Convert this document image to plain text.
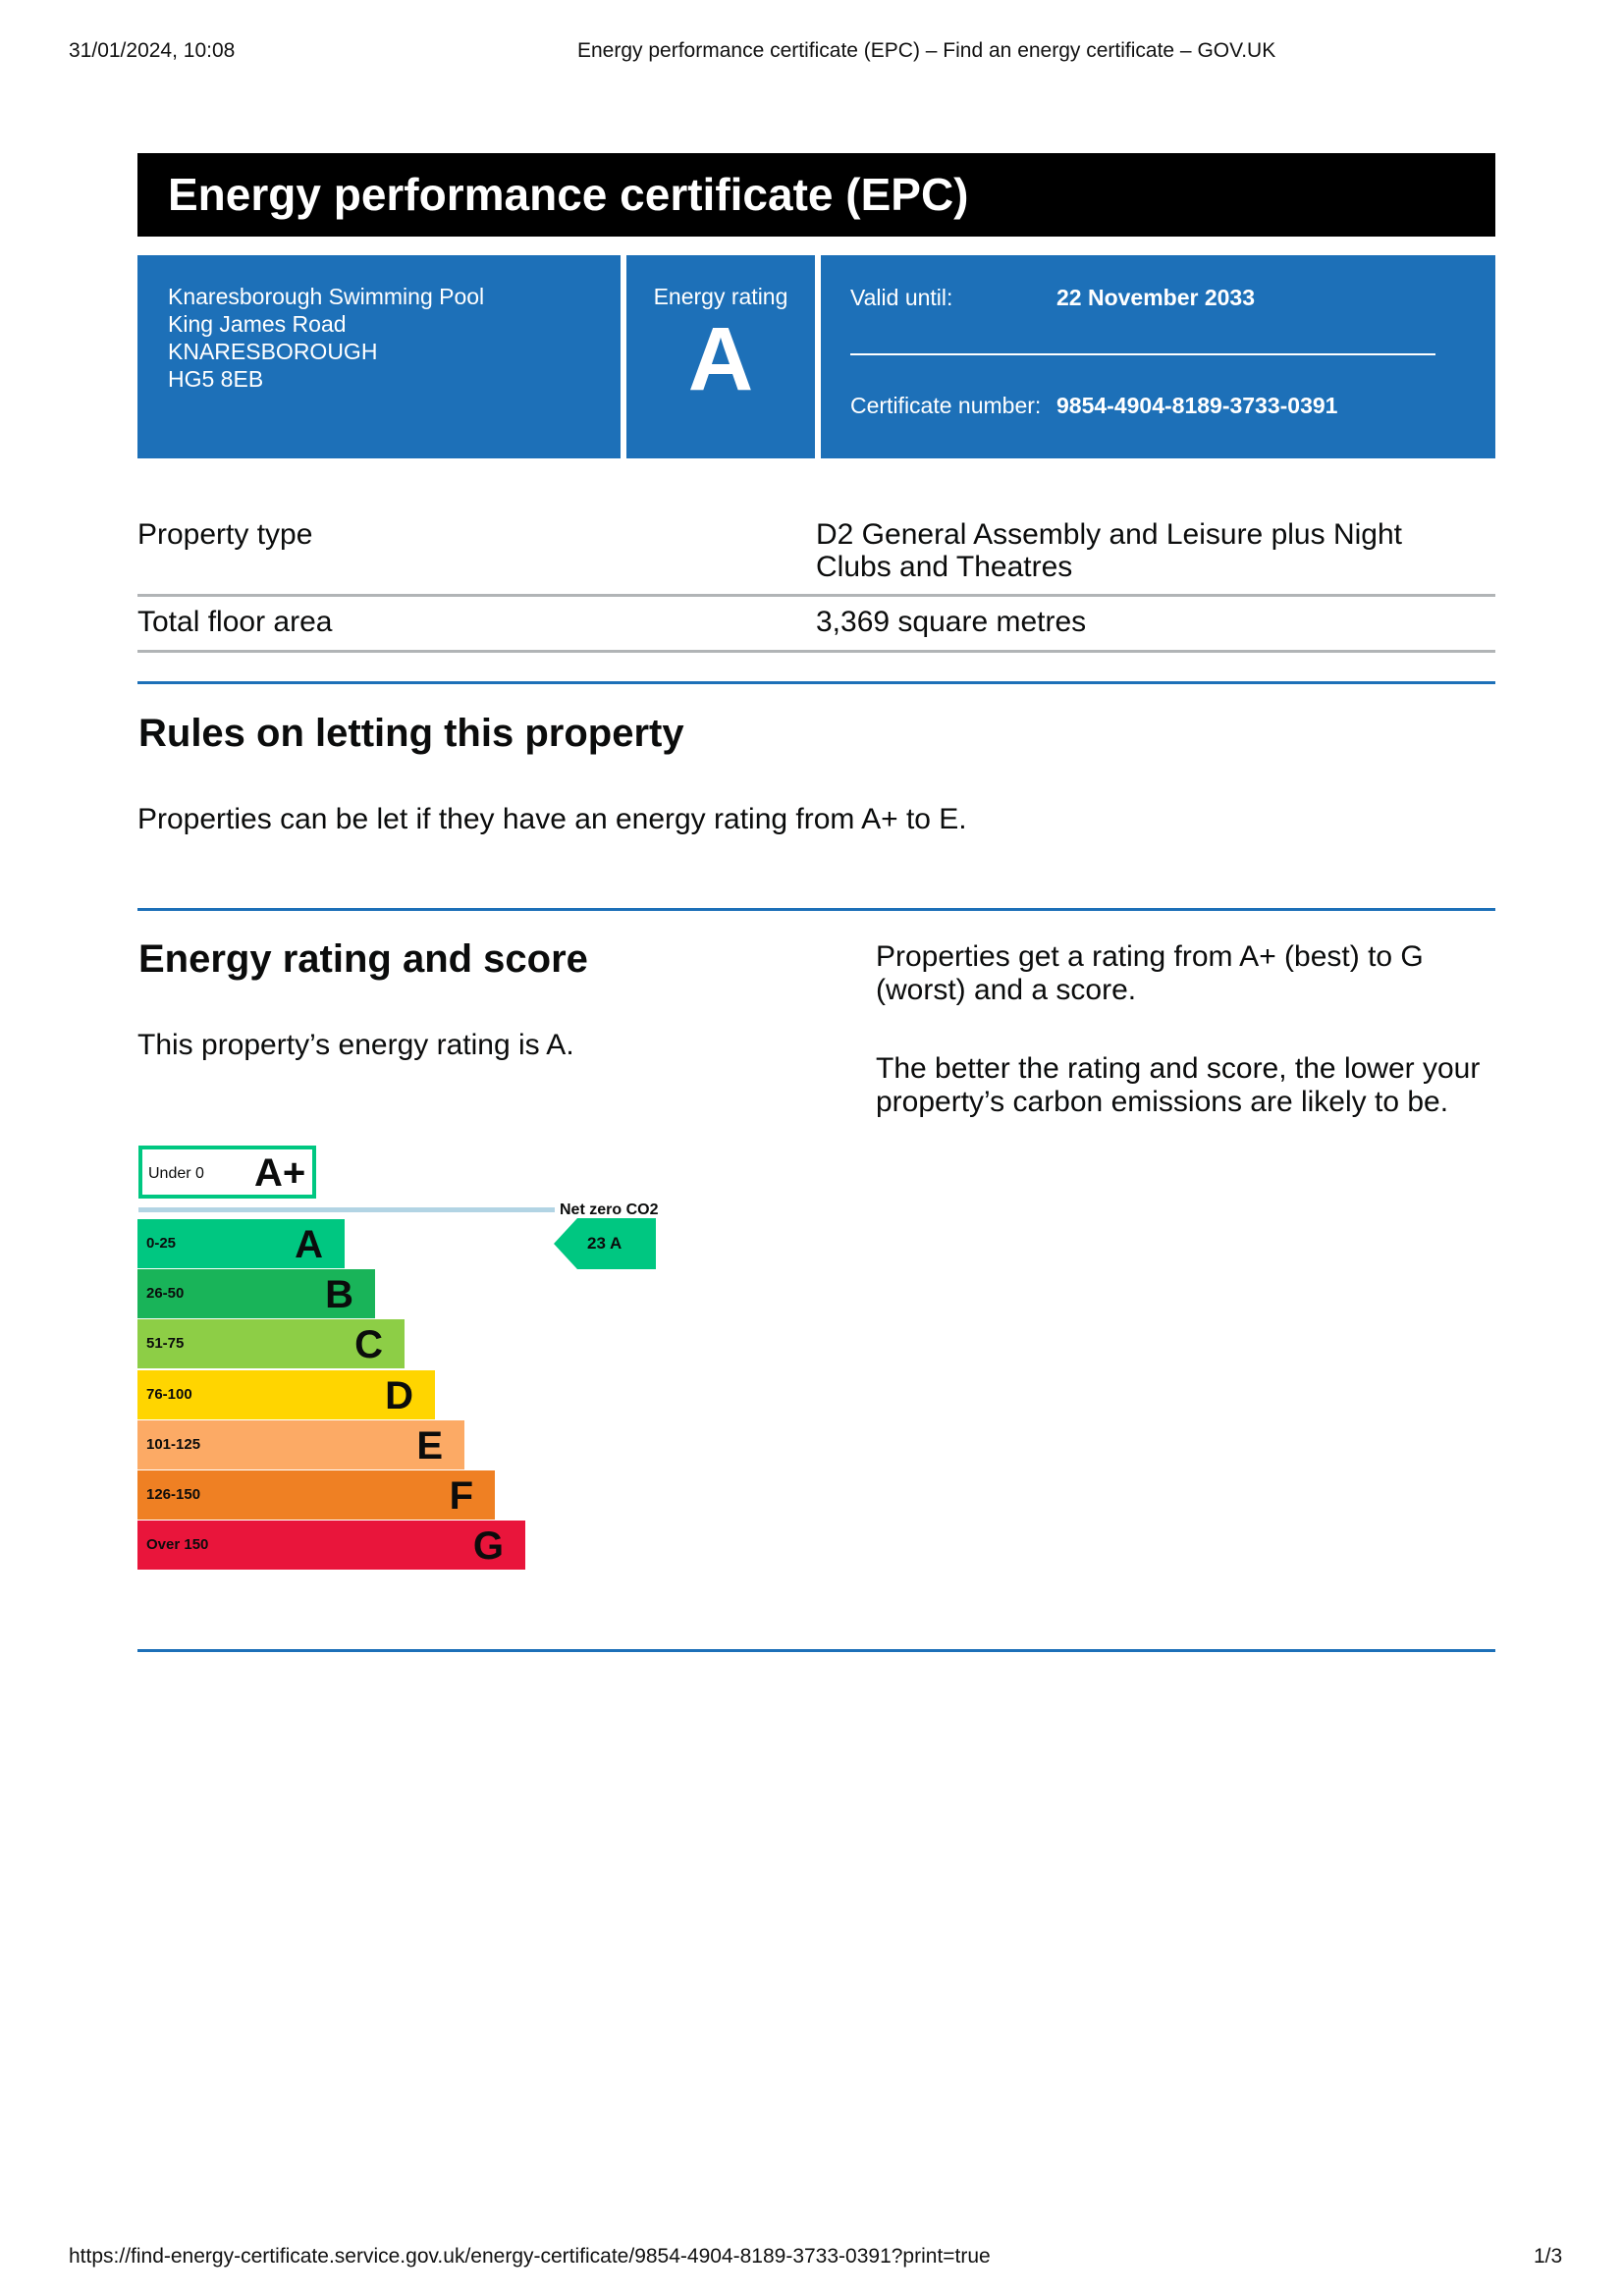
31/01/2024, 10:08	Energy performance certificate (EPC) – Find an energy certificate – GOV.UK
Energy performance certificate (EPC)
Knaresborough Swimming Pool
King James Road
KNARESBOROUGH
HG5 8EB
Energy rating
A
Valid until:	22 November 2033
Certificate number: 9854-4904-8189-3733-0391
Property type	D2 General Assembly and Leisure plus Night Clubs and Theatres
Total floor area	3,369 square metres
Rules on letting this property
Properties can be let if they have an energy rating from A+ to E.
Energy rating and score
This property’s energy rating is A.
Properties get a rating from A+ (best) to G (worst) and a score.
The better the rating and score, the lower your property’s carbon emissions are likely to be.
Under 0 A+
Net zero CO2
0-25	A
26-50	B
51-75	C
76-100	D
101-125	E
126-150	F
Over 150	G
23 A
https://find-energy-certificate.service.gov.uk/energy-certificate/9854-4904-8189-3733-0391?print=true	1/3
